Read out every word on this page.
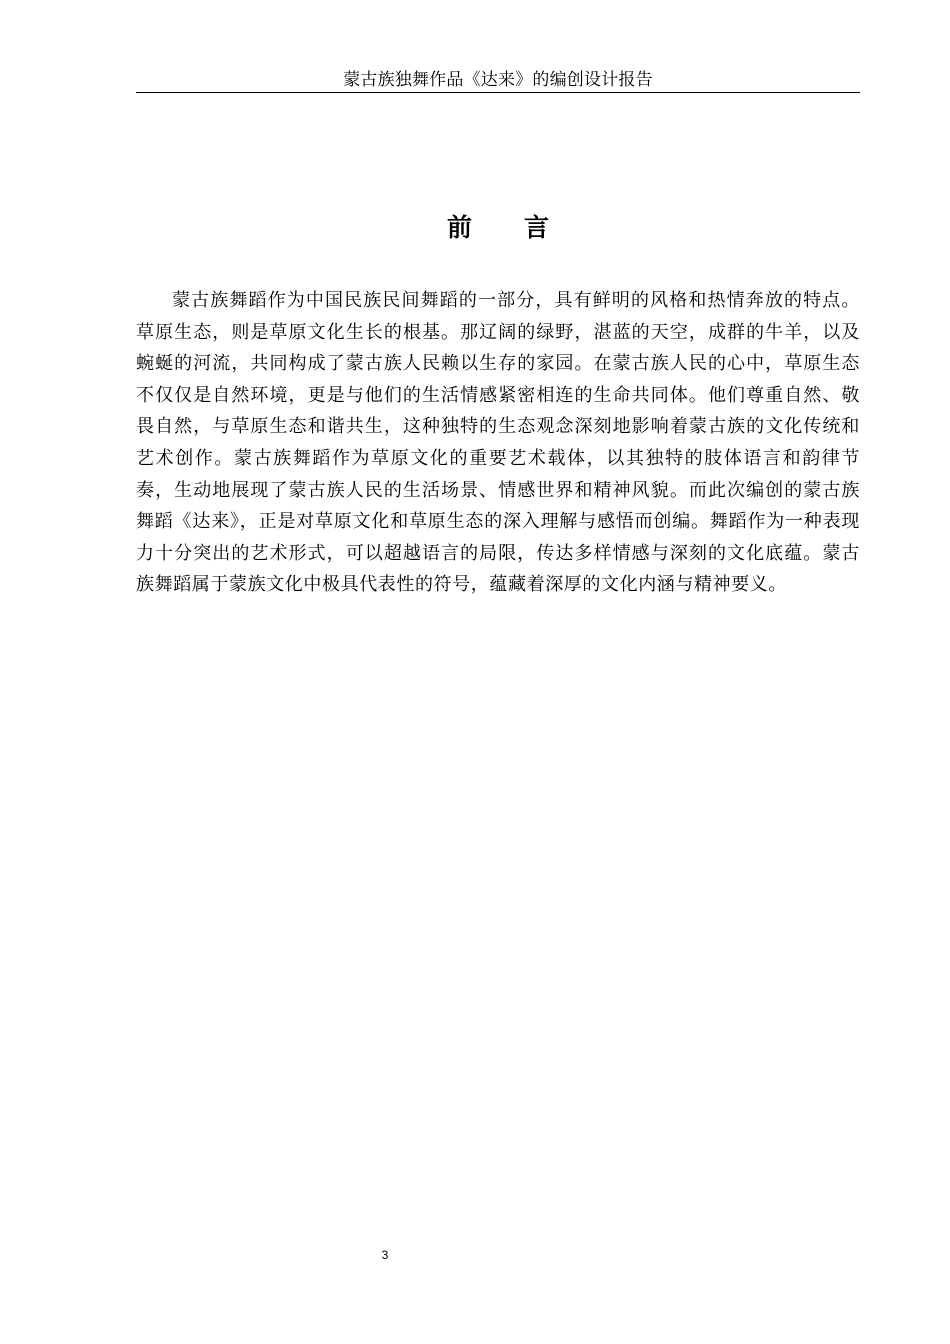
蒙古族独舞作品《达来》的编创设计报告
前 言

蒙古族舞蹈作为中国民族民间舞蹈的一部分，具有鲜明的风格和热情奔放的特点。草原生态，则是草原文化生长的根基。那辽阔的绿野，湛蓝的天空，成群的牛羊，以及蜿蜒的河流，共同构成了蒙古族人民赖以生存的家园。在蒙古族人民的心中，草原生态不仅仅是自然环境，更是与他们的生活情感紧密相连的生命共同体。他们尊重自然、敬畏自然，与草原生态和谐共生，这种独特的生态观念深刻地影响着蒙古族的文化传统和艺术创作。蒙古族舞蹈作为草原文化的重要艺术载体，以其独特的肢体语言和韵律节奏，生动地展现了蒙古族人民的生活场景、情感世界和精神风貌。而此次编创的蒙古族舞蹈《达来》，正是对草原文化和草原生态的深入理解与感悟而创编。舞蹈作为一种表现力十分突出的艺术形式，可以超越语言的局限，传达多样情感与深刻的文化底蕴。蒙古族舞蹈属于蒙族文化中极具代表性的符号，蕴藏着深厚的文化内涵与精神要义。

3
